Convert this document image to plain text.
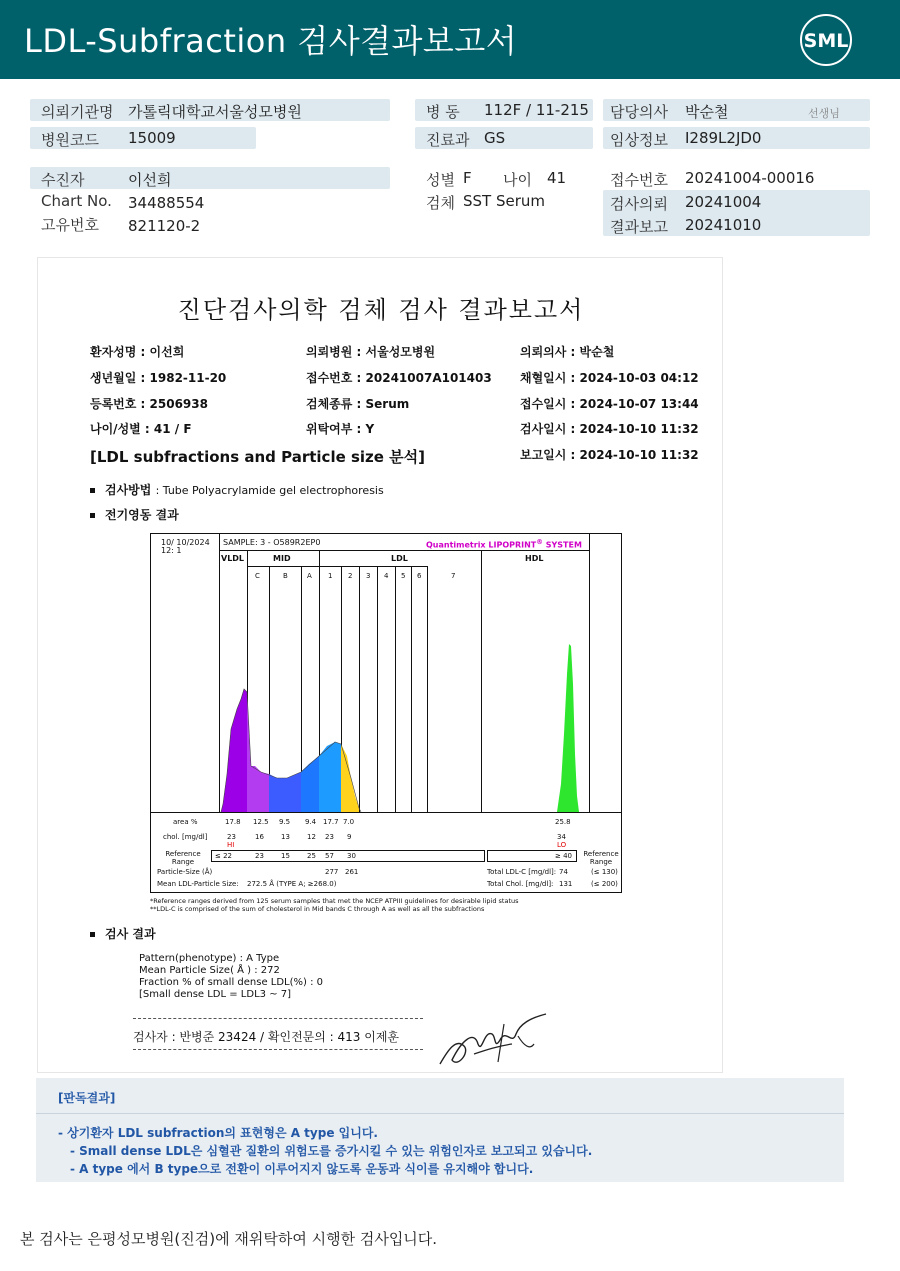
LDL-Subfraction 검사결과보고서	SML
의뢰기관명 가톨릭대학교서울성모병원
병원코드 15009
병 동 112F / 11-215
진료과 GS
담당의사 박순철	선생님
임상정보 I289L2JD0
수진자	이선희
Chart No. 34488554
고유번호 821120-2
성별 F 나이 41
검체 SST Serum
접수번호 20241004-00016
검사의뢰 20241004
결과보고 20241010
진단검사의학 검체 검사 결과보고서
환자성명 : 이선희
생년월일 : 1982-11-20
등록번호 : 2506938
나이/성별 : 41 / F
의뢰병원 : 서울성모병원
접수번호 : 20241007A101403
검체종류 : Serum
위탁여부 : Y
의뢰의사 : 박순철
채혈일시 : 2024-10-03 04:12
접수일시 : 2024-10-07 13:44
검사일시 : 2024-10-10 11:32
보고일시 : 2024-10-10 11:32
[LDL subfractions and Particle size 분석]
검사방법 : Tube Polyacrylamide gel electrophoresis
전기영동 결과
10/ 10/2024
12: 1
SAMPLE: 3 - O589R2EP0	Quantimetrix LIPOPRINT® SYSTEM
VLDL	MID	LDL	HDL
C	B	A 1 2 3 4 5 6	7
area %	17.8 12.5 9.5 9.4 17.7 7.0	25.8
chol. [mg/dl]	23	16 13 12 23 9	34
HI	LO
Reference Range
≤ 22	23 15 25 57 30	≥ 40	Reference Range
Particle-Size (Å)	277 261
Mean LDL-Particle Size: 272.5 Å (TYPE A; ≥268.0)
Total LDL-C [mg/dl]: 74	(≤ 130)
Total Chol. [mg/dl]: 131	(≤ 200)
*Reference ranges derived from 125 serum samples that met the NCEP ATPIII guidelines for desirable lipid status
**LDL-C is comprised of the sum of cholesterol in Mid bands C through A as well as all the subfractions
검사 결과
Pattern(phenotype) : A Type
Mean Particle Size( Å ) : 272
Fraction % of small dense LDL(%) : 0
[Small dense LDL = LDL3 ~ 7]
검사자 : 반병준 23424 / 확인전문의 : 413 이제훈
[판독결과]
- 상기환자 LDL subfraction의 표현형은 A type 입니다.
- Small dense LDL은 심혈관 질환의 위험도를 증가시킬 수 있는 위험인자로 보고되고 있습니다.
- A type 에서 B type으로 전환이 이루어지지 않도록 운동과 식이를 유지해야 합니다.
본 검사는 은평성모병원(진검)에 재위탁하여 시행한 검사입니다.
